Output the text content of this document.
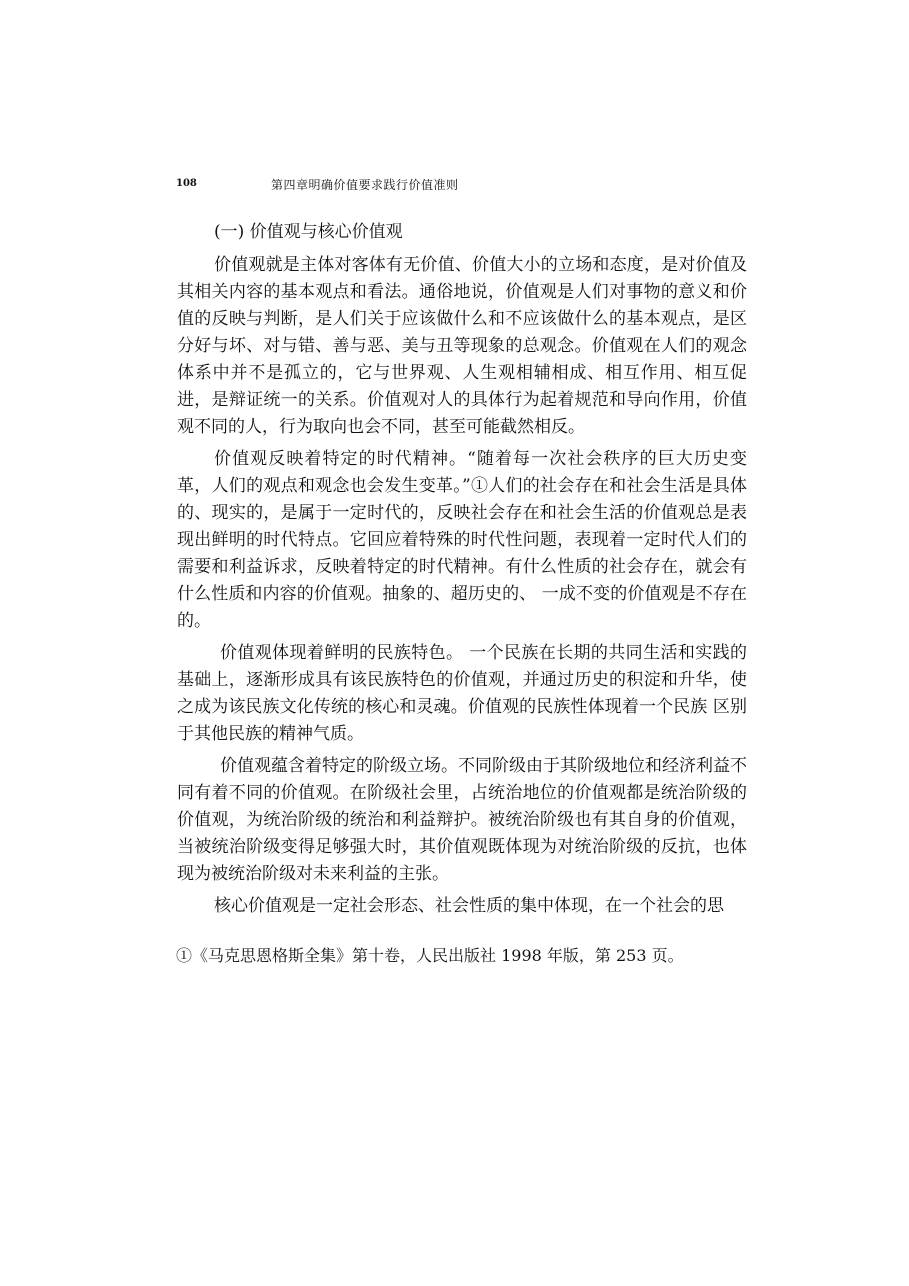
108	第四章明确价值要求践行价值准则
(一) 价值观与核心价值观

价值观就是主体对客体有无价值、价值大小的立场和态度，是对价值及其相关内容的基本观点和看法。通俗地说，价值观是人们对事物的意义和价值的反映与判断，是人们关于应该做什么和不应该做什么的基本观点，是区分好与坏、对与错、善与恶、美与丑等现象的总观念。价值观在人们的观念体系中并不是孤立的，它与世界观、人生观相辅相成、相互作用、相互促进，是辩证统一的关系。价值观对人的具体行为起着规范和导向作用，价值观不同的人，行为取向也会不同，甚至可能截然相反。

价值观反映着特定的时代精神。“随着每一次社会秩序的巨大历史变革，人们的观点和观念也会发生变革。”①人们的社会存在和社会生活是具体的、现实的，是属于一定时代的，反映社会存在和社会生活的价值观总是表现出鲜明的时代特点。它回应着特殊的时代性问题，表现着一定时代人们的需要和利益诉求，反映着特定的时代精神。有什么性质的社会存在，就会有什么性质和内容的价值观。抽象的、超历史的、 一成不变的价值观是不存在的。

价值观体现着鲜明的民族特色。 一个民族在长期的共同生活和实践的基础上，逐渐形成具有该民族特色的价值观，并通过历史的积淀和升华，使之成为该民族文化传统的核心和灵魂。价值观的民族性体现着一个民族 区别于其他民族的精神气质。

价值观蕴含着特定的阶级立场。不同阶级由于其阶级地位和经济利益不同有着不同的价值观。在阶级社会里，占统治地位的价值观都是统治阶级的价值观，为统治阶级的统治和利益辩护。被统治阶级也有其自身的价值观，当被统治阶级变得足够强大时，其价值观既体现为对统治阶级的反抗，也体现为被统治阶级对未来利益的主张。

核心价值观是一定社会形态、社会性质的集中体现，在一个社会的思

①《马克思恩格斯全集》第十卷，人民出版社 1998 年版，第 253 页。
